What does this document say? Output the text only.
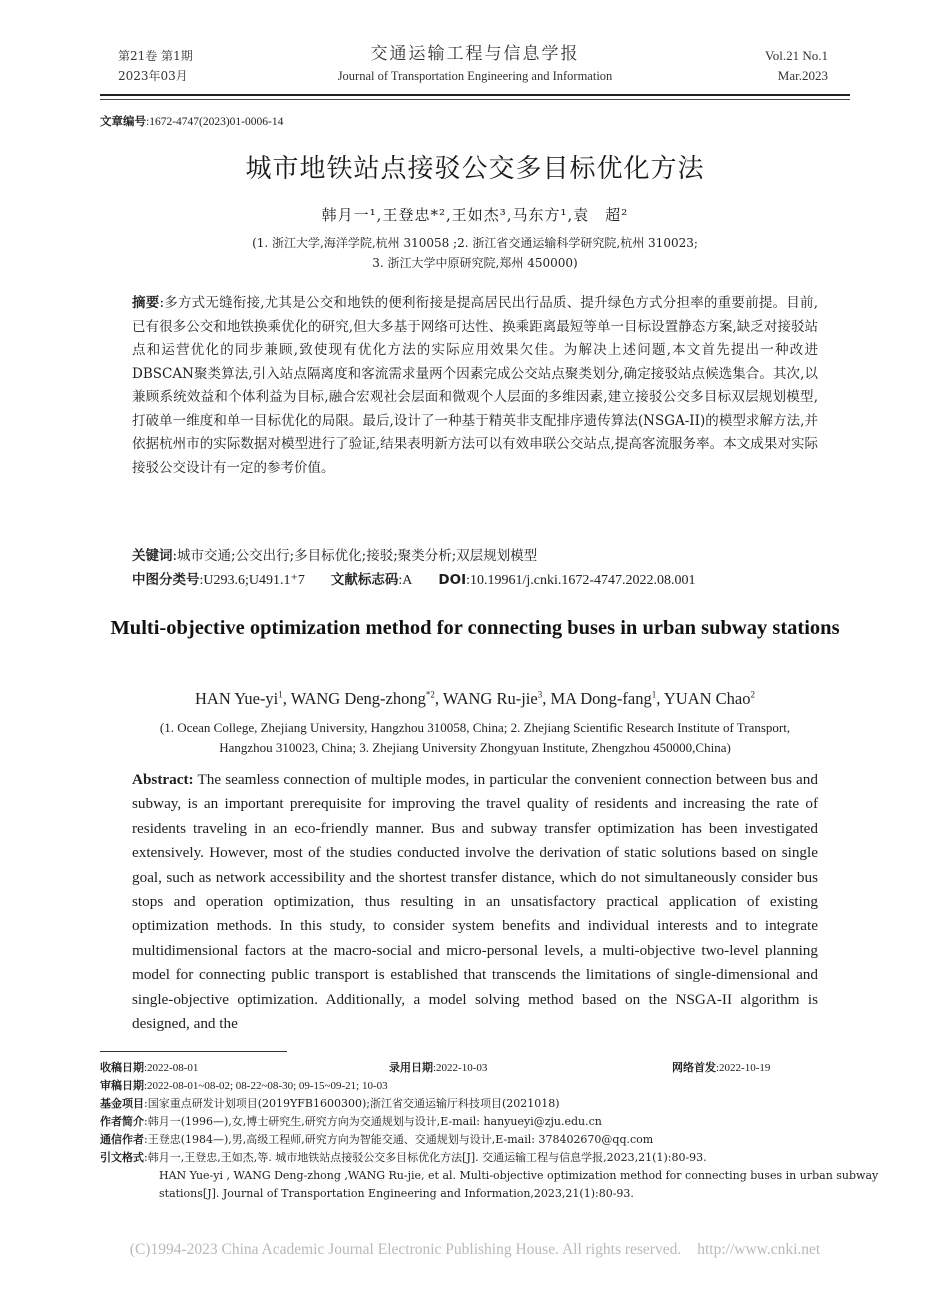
第21卷 第1期
2023年03月
交通运输工程与信息学报
Journal of Transportation Engineering and Information
Vol.21 No.1
Mar.2023
文章编号:1672-4747(2023)01-0006-14
城市地铁站点接驳公交多目标优化方法
韩月一¹,王登忠*²,王如杰³,马东方¹,袁　超²
(1. 浙江大学,海洋学院,杭州 310058 ;2. 浙江省交通运输科学研究院,杭州 310023;
3. 浙江大学中原研究院,郑州 450000)
摘要:多方式无缝衔接,尤其是公交和地铁的便利衔接是提高居民出行品质、提升绿色方式分担率的重要前提。目前,已有很多公交和地铁换乘优化的研究,但大多基于网络可达性、换乘距离最短等单一目标设置静态方案,缺乏对接驳站点和运营优化的同步兼顾,致使现有优化方法的实际应用效果欠佳。为解决上述问题,本文首先提出一种改进DBSCAN聚类算法,引入站点隔离度和客流需求量两个因素完成公交站点聚类划分,确定接驳站点候选集合。其次,以兼顾系统效益和个体利益为目标,融合宏观社会层面和微观个人层面的多维因素,建立接驳公交多目标双层规划模型,打破单一维度和单一目标优化的局限。最后,设计了一种基于精英非支配排序遗传算法(NSGA-II)的模型求解方法,并依据杭州市的实际数据对模型进行了验证,结果表明新方法可以有效串联公交站点,提高客流服务率。本文成果对实际接驳公交设计有一定的参考价值。
关键词:城市交通;公交出行;多目标优化;接驳;聚类分析;双层规划模型
中图分类号:U293.6;U491.1⁺7 文献标志码:A DOI:10.19961/j.cnki.1672-4747.2022.08.001
Multi-objective optimization method for connecting buses in urban subway stations
HAN Yue-$yi^1$, WANG Deng-zhong$^{*2}$, WANG Ru-jie$^3$, MA Dong-fang$^1$, YUAN Chao$^2$
(1. Ocean College, Zhejiang University, Hangzhou 310058, China; 2. Zhejiang Scientific Research Institute of Transport, Hangzhou 310023, China; 3. Zhejiang University Zhongyuan Institute, Zhengzhou 450000,China)
Abstract: The seamless connection of multiple modes, in particular the convenient connection between bus and subway, is an important prerequisite for improving the travel quality of residents and increasing the rate of residents traveling in an eco-friendly manner. Bus and subway transfer optimization has been investigated extensively. However, most of the studies conducted involve the derivation of static solutions based on single goal, such as network accessibility and the shortest transfer distance, which do not simultaneously consider bus stops and operation optimization, thus resulting in an unsatisfactory practical application of existing optimization methods. In this study, to consider system benefits and individual interests and to integrate multidimensional factors at the macro-social and micro-personal levels, a multi-objective two-level planning model for connecting public transport is established that transcends the limitations of single-dimensional and single-objective optimization. Additionally, a model solving method based on the NSGA-II algorithm is designed, and the
收稿日期:2022-08-01	录用日期:2022-10-03	网络首发:2022-10-19
审稿日期:2022-08-01~08-02; 08-22~08-30; 09-15~09-21; 10-03
基金项目:国家重点研发计划项目(2019YFB1600300);浙江省交通运输厅科技项目(2021018)
作者简介:韩月一(1996—),女,博士研究生,研究方向为交通规划与设计,E-mail: hanyueyi@zju.edu.cn
通信作者:王登忠(1984—),男,高级工程师,研究方向为智能交通、交通规划与设计,E-mail: 378402670@qq.com
引文格式:韩月一,王登忠,王如杰,等. 城市地铁站点接驳公交多目标优化方法[J]. 交通运输工程与信息学报,2023,21(1):80-93.
HAN Yue-yi , WANG Deng-zhong ,WANG Ru-jie, et al. Multi-objective optimization method for connecting buses in urban subway
stations[J]. Journal of Transportation Engineering and Information,2023,21(1):80-93.
(C)1994-2023 China Academic Journal Electronic Publishing House. All rights reserved. http://www.cnki.net
